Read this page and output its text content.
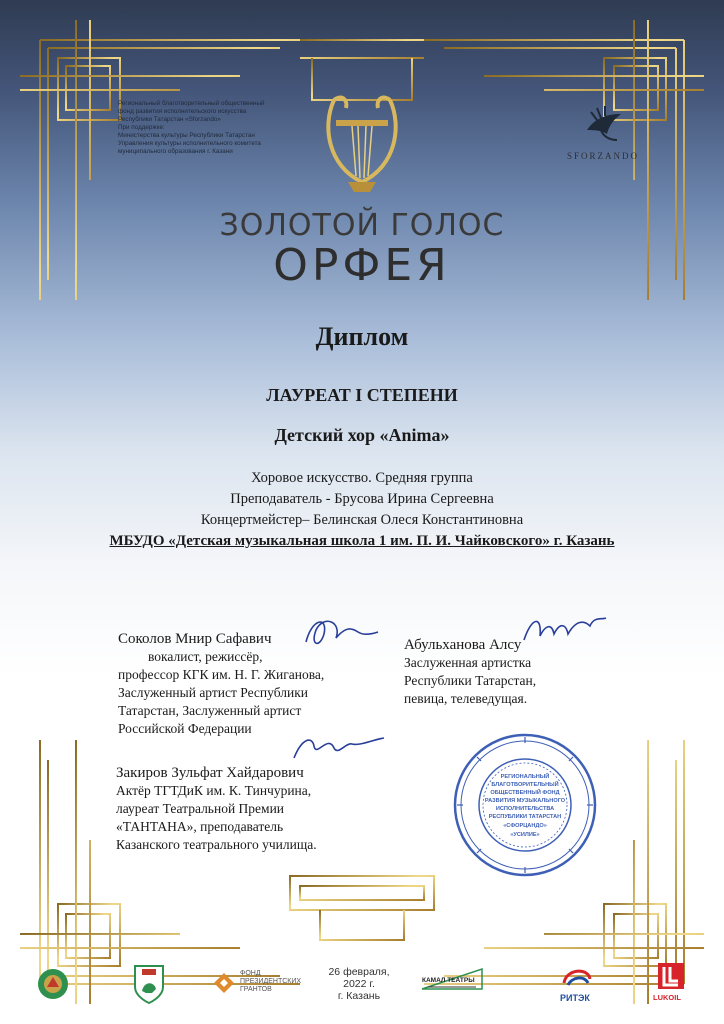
Региональный благотворительный общественный
фонд развития исполнительского искусства
Республики Татарстан «Sforzando»
При поддержке:
Министерства культуры Республики Татарстан
Управления культуры исполнительного комитета
муниципального образования г. Казани	SFORZANDO
ЗОЛОТОЙ ГОЛОС
ОРФЕЯ
Диплом
ЛАУРЕАТ I СТЕПЕНИ
Детский хор «Anima»
Хоровое искусство. Средняя группа
Преподаватель - Брусова Ирина Сергеевна
Концертмейстер– Белинская Олеся Константиновна
МБУДО «Детская музыкальная школа 1 им. П. И. Чайковского» г. Казань
Соколов Мнир Сафавич
вокалист, режиссёр,
профессор КГК им. Н. Г. Жиганова,
Заслуженный артист Республики
Татарстан, Заслуженный артист
Российской Федерации
Абульханова Алсу
Заслуженная артистка
Республики Татарстан,
певица, телеведущая.
Закиров Зульфат Хайдарович
Актёр ТГТДиК им. К. Тинчурина,
лауреат Театральной Премии
«ТАНТАНА», преподаватель
Казанского театрального училища.
РЕГИОНАЛЬНЫЙ
БЛАГОТВОРИТЕЛЬНЫЙ
ОБЩЕСТВЕННЫЙ ФОНД
РАЗВИТИЯ МУЗЫКАЛЬНОГО
ИСПОЛНИТЕЛЬСТВА
РЕСПУБЛИКИ ТАТАРСТАН
«СФОРЦАНДО»
«УСИЛИЕ»
ФОНД
ПРЕЗИДЕНТСКИХ
ГРАНТОВ
КАМАЛ ТЕАТРЫ
РИТЭК	LUKOIL
26 февраля,
2022 г.
г. Казань
